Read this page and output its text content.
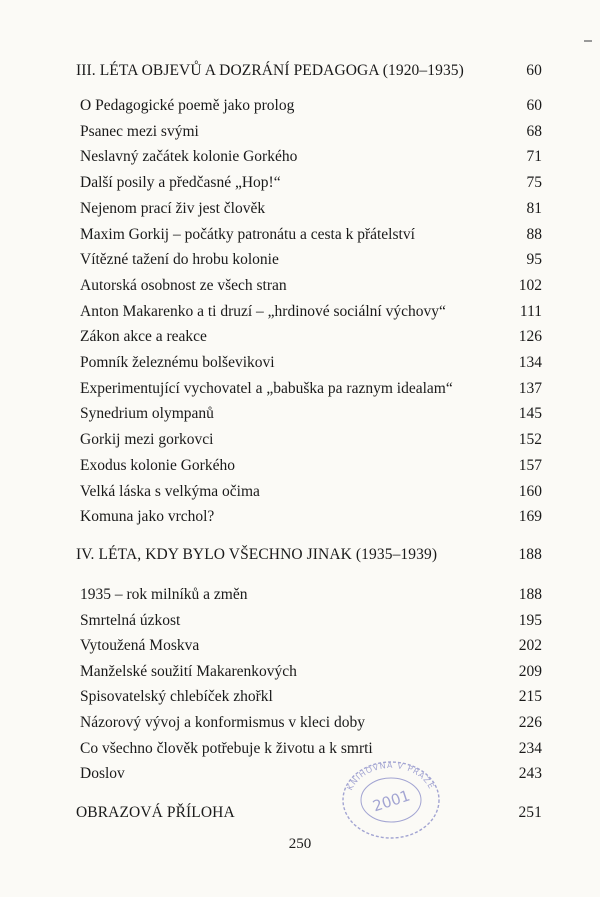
III. LÉTA OBJEVŮ A DOZRÁNÍ PEDAGOGA (1920–1935)	60
O Pedagogické poemě jako prolog	60
Psanec mezi svými	68
Neslavný začátek kolonie Gorkého	71
Další posily a předčasné „Hop!“	75
Nejenom prací živ jest člověk	81
Maxim Gorkij – počátky patronátu a cesta k přátelství	88
Vítězné tažení do hrobu kolonie	95
Autorská osobnost ze všech stran	102
Anton Makarenko a ti druzí – „hrdinové sociální výchovy“	111
Zákon akce a reakce	126
Pomník železnému bolševikovi	134
Experimentující vychovatel a „babuška pa raznym idealam“	137
Synedrium olympanů	145
Gorkij mezi gorkovci	152
Exodus kolonie Gorkého	157
Velká láska s velkýma očima	160
Komuna jako vrchol?	169
IV. LÉTA, KDY BYLO VŠECHNO JINAK (1935–1939)	188
1935 – rok milníků a změn	188
Smrtelná úzkost	195
Vytoužená Moskva	202
Manželské soužití Makarenkových	209
Spisovatelský chlebíček zhořkl	215
Názorový vývoj a konformismus v kleci doby	226
Co všechno člověk potřebuje k životu a k smrti	234
Doslov	243
OBRAZOVÁ PŘÍLOHA	251
KNIHOVNA V PRAZE
2001
250
